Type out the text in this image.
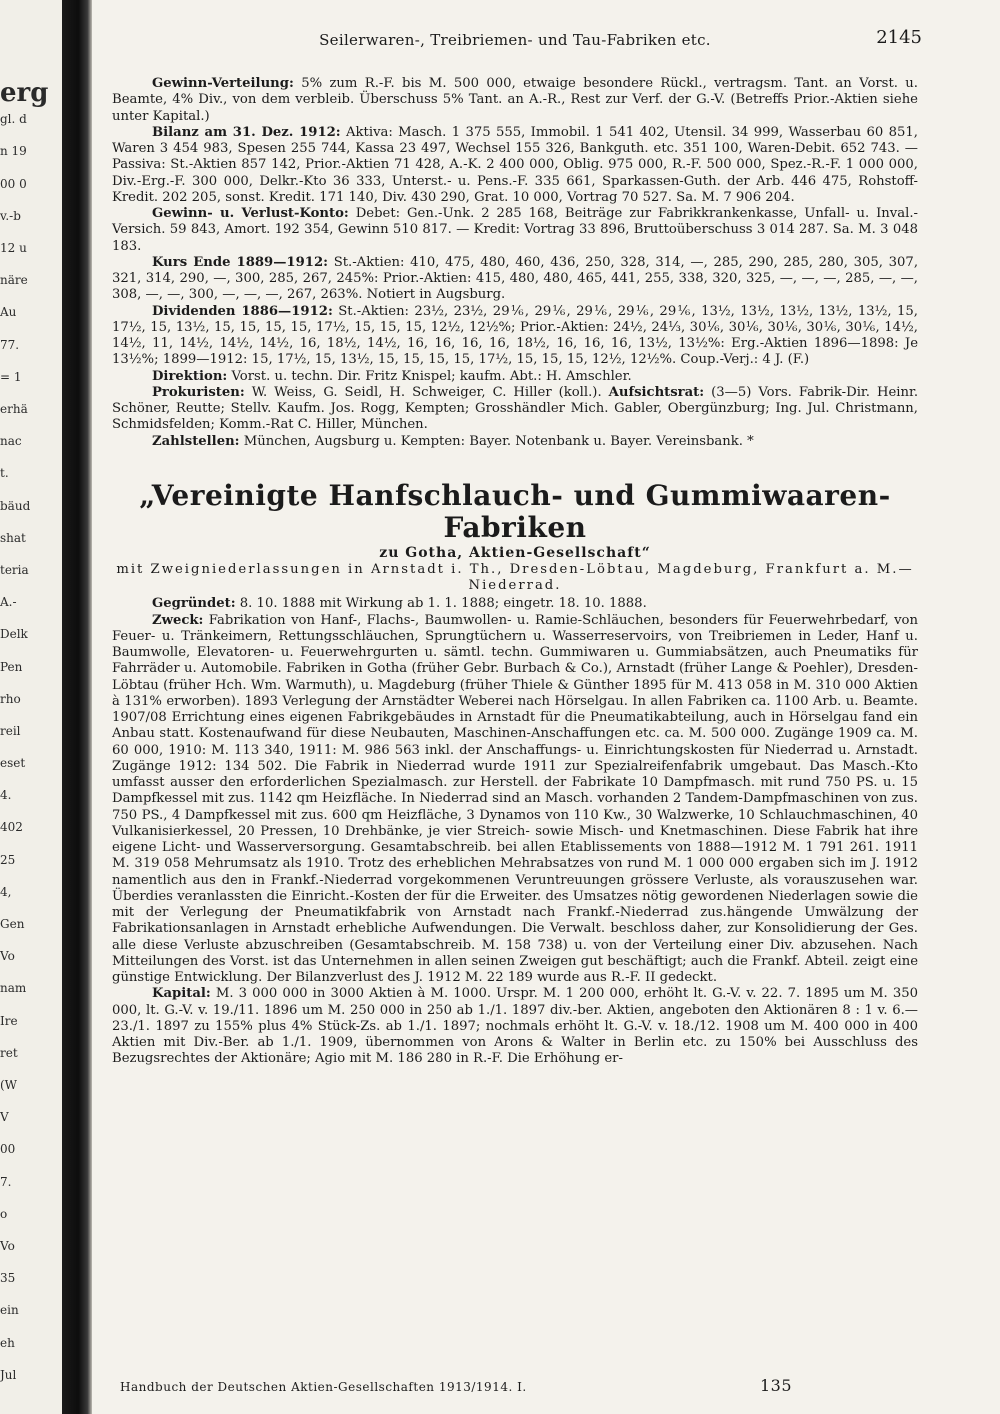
erg
gl. d
n 19
00 0
v.-b
12 u
näre
Au
77.
= 1
erhä
nac
t.
bäud
shat
teria
A.-
Delk
Pen
rho
reil
eset
4.
402
25
4,
Gen
Vo
nam
Ire
ret
(W
V
00
7.
o
Vo
35
ein
eh
Jul
Seilerwaren-, Treibriemen- und Tau-Fabriken etc.	2145

Gewinn-Verteilung: 5% zum R.-F. bis M. 500 000, etwaige besondere Rückl., vertragsm. Tant. an Vorst. u. Beamte, 4% Div., von dem verbleib. Überschuss 5% Tant. an A.-R., Rest zur Verf. der G.-V. (Betreffs Prior.-Aktien siehe unter Kapital.)

Bilanz am 31. Dez. 1912: Aktiva: Masch. 1 375 555, Immobil. 1 541 402, Utensil. 34 999, Wasserbau 60 851, Waren 3 454 983, Spesen 255 744, Kassa 23 497, Wechsel 155 326, Bankguth. etc. 351 100, Waren-Debit. 652 743. — Passiva: St.-Aktien 857 142, Prior.-Aktien 71 428, A.-K. 2 400 000, Oblig. 975 000, R.-F. 500 000, Spez.-R.-F. 1 000 000, Div.-Erg.-F. 300 000, Delkr.-Kto 36 333, Unterst.- u. Pens.-F. 335 661, Sparkassen-Guth. der Arb. 446 475, Rohstoff-Kredit. 202 205, sonst. Kredit. 171 140, Div. 430 290, Grat. 10 000, Vortrag 70 527. Sa. M. 7 906 204.

Gewinn- u. Verlust-Konto: Debet: Gen.-Unk. 2 285 168, Beiträge zur Fabrikkrankenkasse, Unfall- u. Inval.-Versich. 59 843, Amort. 192 354, Gewinn 510 817. — Kredit: Vortrag 33 896, Bruttoüberschuss 3 014 287. Sa. M. 3 048 183.

Kurs Ende 1889—1912: St.-Aktien: 410, 475, 480, 460, 436, 250, 328, 314, —, 285, 290, 285, 280, 305, 307, 321, 314, 290, —, 300, 285, 267, 245%: Prior.-Aktien: 415, 480, 480, 465, 441, 255, 338, 320, 325, —, —, —, 285, —, —, 308, —, —, 300, —, —, —, 267, 263%. Notiert in Augsburg.

Dividenden 1886—1912: St.-Aktien: 23½, 23½, 29⅙, 29⅙, 29⅙, 29⅙, 29⅙, 13½, 13½, 13½, 13½, 13½, 15, 17½, 15, 13½, 15, 15, 15, 15, 17½, 15, 15, 15, 12½, 12½%; Prior.-Aktien: 24½, 24⅓, 30⅙, 30⅙, 30⅙, 30⅙, 30⅙, 14½, 14½, 11, 14½, 14½, 14½, 16, 18½, 14½, 16, 16, 16, 16, 18½, 16, 16, 16, 13½, 13½%: Erg.-Aktien 1896—1898: Je 13½%; 1899—1912: 15, 17½, 15, 13½, 15, 15, 15, 15, 17½, 15, 15, 15, 12½, 12½%. Coup.-Verj.: 4 J. (F.)

Direktion: Vorst. u. techn. Dir. Fritz Knispel; kaufm. Abt.: H. Amschler.

Prokuristen: W. Weiss, G. Seidl, H. Schweiger, C. Hiller (koll.). Aufsichtsrat: (3—5) Vors. Fabrik-Dir. Heinr. Schöner, Reutte; Stellv. Kaufm. Jos. Rogg, Kempten; Grosshändler Mich. Gabler, Obergünzburg; Ing. Jul. Christmann, Schmidsfelden; Komm.-Rat C. Hiller, München.

Zahlstellen: München, Augsburg u. Kempten: Bayer. Notenbank u. Bayer. Vereinsbank. *

„Vereinigte Hanfschlauch- und Gummiwaaren-Fabriken
zu Gotha, Aktien-Gesellschaft“
mit Zweigniederlassungen in Arnstadt i. Th., Dresden-Löbtau, Magdeburg, Frankfurt a. M.—Niederrad.

Gegründet: 8. 10. 1888 mit Wirkung ab 1. 1. 1888; eingetr. 18. 10. 1888.

Zweck: Fabrikation von Hanf-, Flachs-, Baumwollen- u. Ramie-Schläuchen, besonders für Feuerwehrbedarf, von Feuer- u. Tränkeimern, Rettungsschläuchen, Sprungtüchern u. Wasserreservoirs, von Treibriemen in Leder, Hanf u. Baumwolle, Elevatoren- u. Feuerwehrgurten u. sämtl. techn. Gummiwaren u. Gummiabsätzen, auch Pneumatiks für Fahrräder u. Automobile. Fabriken in Gotha (früher Gebr. Burbach & Co.), Arnstadt (früher Lange & Poehler), Dresden-Löbtau (früher Hch. Wm. Warmuth), u. Magdeburg (früher Thiele & Günther 1895 für M. 413 058 in M. 310 000 Aktien à 131% erworben). 1893 Verlegung der Arnstädter Weberei nach Hörselgau. In allen Fabriken ca. 1100 Arb. u. Beamte. 1907/08 Errichtung eines eigenen Fabrikgebäudes in Arnstadt für die Pneumatikabteilung, auch in Hörselgau fand ein Anbau statt. Kostenaufwand für diese Neubauten, Maschinen-Anschaffungen etc. ca. M. 500 000. Zugänge 1909 ca. M. 60 000, 1910: M. 113 340, 1911: M. 986 563 inkl. der Anschaffungs- u. Einrichtungskosten für Niederrad u. Arnstadt. Zugänge 1912: 134 502. Die Fabrik in Niederrad wurde 1911 zur Spezialreifenfabrik umgebaut. Das Masch.-Kto umfasst ausser den erforderlichen Spezialmasch. zur Herstell. der Fabrikate 10 Dampfmasch. mit rund 750 PS. u. 15 Dampfkessel mit zus. 1142 qm Heizfläche. In Niederrad sind an Masch. vorhanden 2 Tandem-Dampfmaschinen von zus. 750 PS., 4 Dampfkessel mit zus. 600 qm Heizfläche, 3 Dynamos von 110 Kw., 30 Walzwerke, 10 Schlauchmaschinen, 40 Vulkanisierkessel, 20 Pressen, 10 Drehbänke, je vier Streich- sowie Misch- und Knetmaschinen. Diese Fabrik hat ihre eigene Licht- und Wasserversorgung. Gesamtabschreib. bei allen Etablissements von 1888—1912 M. 1 791 261. 1911 M. 319 058 Mehrumsatz als 1910. Trotz des erheblichen Mehrabsatzes von rund M. 1 000 000 ergaben sich im J. 1912 namentlich aus den in Frankf.-Niederrad vorgekommenen Veruntreuungen grössere Verluste, als vorauszusehen war. Überdies veranlassten die Einricht.-Kosten der für die Erweiter. des Umsatzes nötig gewordenen Niederlagen sowie die mit der Verlegung der Pneumatikfabrik von Arnstadt nach Frankf.-Niederrad zus.hängende Umwälzung der Fabrikationsanlagen in Arnstadt erhebliche Aufwendungen. Die Verwalt. beschloss daher, zur Konsolidierung der Ges. alle diese Verluste abzuschreiben (Gesamtabschreib. M. 158 738) u. von der Verteilung einer Div. abzusehen. Nach Mitteilungen des Vorst. ist das Unternehmen in allen seinen Zweigen gut beschäftigt; auch die Frankf. Abteil. zeigt eine günstige Entwicklung. Der Bilanzverlust des J. 1912 M. 22 189 wurde aus R.-F. II gedeckt.

Kapital: M. 3 000 000 in 3000 Aktien à M. 1000. Urspr. M. 1 200 000, erhöht lt. G.-V. v. 22. 7. 1895 um M. 350 000, lt. G.-V. v. 19./11. 1896 um M. 250 000 in 250 ab 1./1. 1897 div.-ber. Aktien, angeboten den Aktionären 8 : 1 v. 6.—23./1. 1897 zu 155% plus 4% Stück-Zs. ab 1./1. 1897; nochmals erhöht lt. G.-V. v. 18./12. 1908 um M. 400 000 in 400 Aktien mit Div.-Ber. ab 1./1. 1909, übernommen von Arons & Walter in Berlin etc. zu 150% bei Ausschluss des Bezugsrechtes der Aktionäre; Agio mit M. 186 280 in R.-F. Die Erhöhung er-

Handbuch der Deutschen Aktien-Gesellschaften 1913/1914. I.	135
